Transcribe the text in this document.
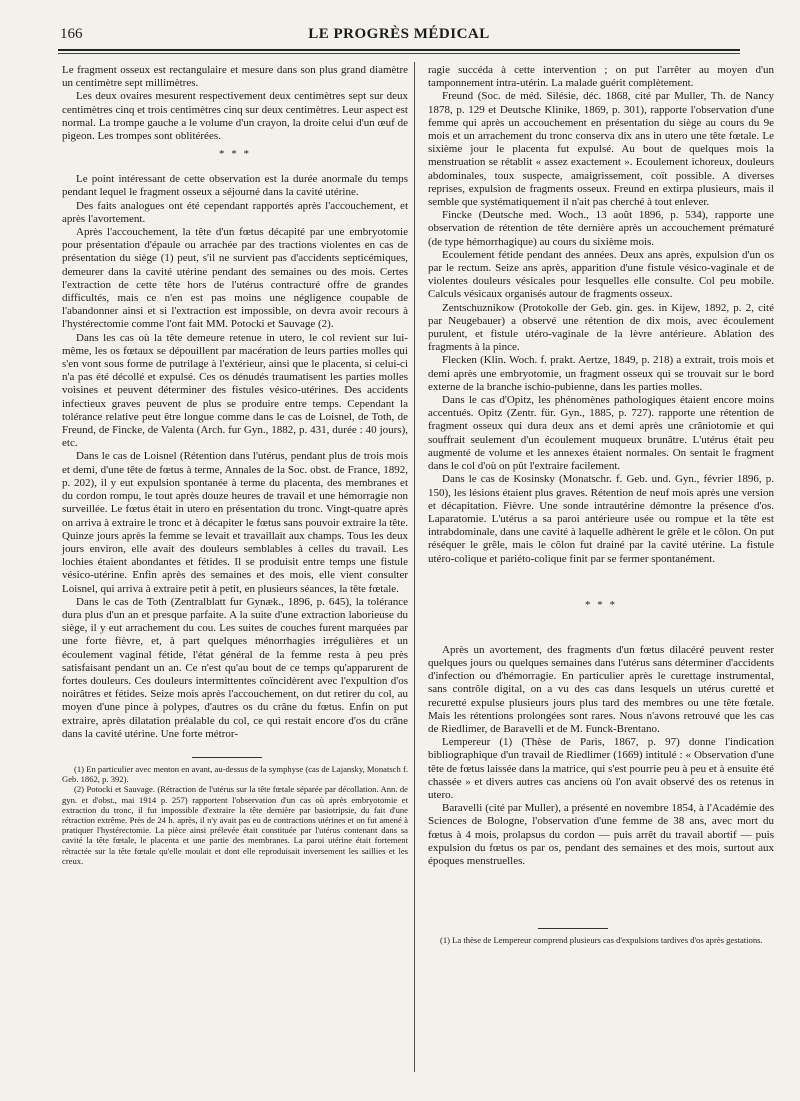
166	LE PROGRÈS MÉDICAL

Le fragment osseux est rectangulaire et mesure dans son plus grand diamètre un centimètre sept millimètres.

Les deux ovaires mesurent respectivement deux centimètres sept sur deux centimètres cinq et trois centimètres cinq sur deux centimètres. Leur aspect est normal. La trompe gauche a le volume d'un crayon, la droite celui d'un œuf de pigeon. Les trompes sont oblitérées.

* * *

Le point intéressant de cette observation est la durée anormale du temps pendant lequel le fragment osseux a séjourné dans la cavité utérine.

Des faits analogues ont été cependant rapportés après l'accouchement, et après l'avortement.

Après l'accouchement, la tête d'un fœtus décapité par une embryotomie pour présentation d'épaule ou arrachée par des tractions violentes en cas de présentation du siège (1) peut, s'il ne survient pas d'accidents septicémiques, demeurer dans la cavité utérine pendant des semaines ou des mois. Certes l'extraction de cette tête hors de l'utérus contracturé offre de grandes difficultés, mais ce n'en est pas moins une négligence coupable de l'abandonner ainsi et si l'extraction est impossible, on devra avoir recours à l'hystérectomie comme l'ont fait MM. Potocki et Sauvage (2).

Dans les cas où la tête demeure retenue in utero, le col revient sur lui-même, les os fœtaux se dépouillent par macération de leurs parties molles qui s'en vont sous forme de putrilage à l'extérieur, ainsi que le placenta, si celui-ci n'a pas été décollé et expulsé. Ces os dénudés traumatisent les parties molles voisines et peuvent déterminer des fistules vésico-utérines. Des accidents infectieux graves peuvent de plus se produire entre temps. Cependant la tolérance relative peut être longue comme dans le cas de Loisnel, de Toth, de Freund, de Fincke, de Valenta (Arch. fur Gyn., 1882, p. 431, durée : 40 jours), etc.

Dans le cas de Loisnel (Rétention dans l'utérus, pendant plus de trois mois et demi, d'une tête de fœtus à terme, Annales de la Soc. obst. de France, 1892, p. 202), il y eut expulsion spontanée à terme du placenta, des membranes et du cordon rompu, le tout après douze heures de travail et une hémorragie non surveillée. Le fœtus était in utero en présentation du tronc. Vingt-quatre après on arriva à extraire le tronc et à décapiter le fœtus sans pouvoir extraire la tête. Quinze jours après la femme se levait et travaillait aux champs. Tous les deux jours environ, elle avait des douleurs semblables à celles du travail. Les lochies étaient abondantes et fétides. Il se produisit entre temps une fistule vésico-utérine. Enfin après des semaines et des mois, elle vient consulter Loisnel, qui arriva à extraire petit à petit, en plusieurs séances, la tête fœtale.

Dans le cas de Toth (Zentralblatt fur Gynæk., 1896, p. 645), la tolérance dura plus d'un an et presque parfaite. A la suite d'une extraction laborieuse du siège, il y eut arrachement du cou. Les suites de couches furent marquées par une forte fièvre, et, à part quelques ménorrhagies irrégulières et un écoulement vaginal fétide, l'état général de la femme resta à peu près satisfaisant pendant un an. Ce n'est qu'au bout de ce temps qu'apparurent de fortes douleurs. Ces douleurs intermittentes coïncidèrent avec l'expultion d'os noirâtres et fétides. Seize mois après l'accouchement, on dut retirer du col, au moyen d'une pince à polypes, d'autres os du crâne du fœtus. Enfin on put extraire, après dilatation préalable du col, ce qui restait encore d'os du crâne dans la cavité utérine. Une forte métror-

(1) En particulier avec menton en avant, au-dessus de la symphyse (cas de Lajansky, Monatsch f. Geb. 1862, p. 392).

(2) Potocki et Sauvage. (Rétraction de l'utérus sur la tête fœtale séparée par décollation. Ann. de gyn. et d'obst., mai 1914 p. 257) rapportent l'observation d'un cas où après embryotomie et extraction du tronc, il fut impossible d'extraire la tête dernière par basiotripsie, du fait d'une rétraction extrême. Près de 24 h. après, il n'y avait pas eu de contractions utérines et on fut amené à pratiquer l'hystérectomie. La pièce ainsi prélevée était constituée par l'utérus contenant dans sa cavité la tête fœtale, le placenta et une partie des membranes. La paroi utérine était fortement rétractée sur la tête fœtale qu'elle moulait et dont elle reproduisait inversement les saillies et les creux.

ragie succéda à cette intervention ; on put l'arrêter au moyen d'un tamponnement intra-utérin. La malade guérit complètement.

Freund (Soc. de méd. Silésie, déc. 1868, cité par Muller, Th. de Nancy 1878, p. 129 et Deutsche Klinike, 1869, p. 301), rapporte l'observation d'une femme qui après un accouchement en présentation du siège au cours du 9e mois et un arrachement du tronc conserva dix ans in utero une tête fœtale. Le sixième jour le placenta fut expulsé. Au bout de quelques mois la menstruation se rétablit « assez exactement ». Ecoulement ichoreux, douleurs abdominales, toux suspecte, amaigrissement, coït possible. A diverses reprises, expulsion de fragments osseux. Freund en extirpa plusieurs, mais il semble que systématiquement il n'ait pas cherché à tout enlever.

Fincke (Deutsche med. Woch., 13 août 1896, p. 534), rapporte une observation de rétention de tête dernière après un accouchement prématuré (de type hémorrhagique) au cours du sixième mois.

Ecoulement fétide pendant des années. Deux ans après, expulsion d'un os par le rectum. Seize ans après, apparition d'une fistule vésico-vaginale et de violentes douleurs vésicales pour lesquelles elle consulte. Col peu mobile. Calculs vésicaux organisés autour de fragments osseux.

Zentschuznikow (Protokolle der Geb. gin. ges. in Kijew, 1892, p. 2, cité par Neugebauer) a observé une rétention de dix mois, avec écoulement purulent, et fistule utéro-vaginale de la lèvre antérieure. Ablation des fragments à la pince.

Flecken (Klin. Woch. f. prakt. Aertze, 1849, p. 218) a extrait, trois mois et demi après une embryotomie, un fragment osseux qui se trouvait sur le bord externe de la branche ischio-pubienne, dans les parties molles.

Dans le cas d'Opitz, les phénomènes pathologiques étaient encore moins accentués. Opitz (Zentr. für. Gyn., 1885, p. 727). rapporte une rétention de fragment osseux qui dura deux ans et demi après une crâniotomie et qui souffrait seulement d'un écoulement muqueux brunâtre. L'utérus était peu augmenté de volume et les annexes étaient normales. On sentait le fragment dans le col d'où on pût l'extraire facilement.

Dans le cas de Kosinsky (Monatschr. f. Geb. und. Gyn., février 1896, p. 150), les lésions étaient plus graves. Rétention de neuf mois après une version et décapitation. Fièvre. Une sonde intrautérine démontre la présence d'os. Laparatomie. L'utérus a sa paroi antérieure usée ou rompue et la tête est intrabdominale, dans une cavité à laquelle adhèrent le grêle et le côlon. On put réséquer le grêle, mais le côlon fut drainé par la cavité utérine. La fistule utéro-colique et pariéto-colique finit par se fermer spontanément.

* * *

Après un avortement, des fragments d'un fœtus dilacéré peuvent rester quelques jours ou quelques semaines dans l'utérus sans déterminer d'accidents d'infection ou d'hémorragie. En particulier après le curettage instrumental, sans contrôle digital, on a vu des cas dans lesquels un utérus curetté et recuretté expulse plusieurs jours plus tard des membres ou une tête fœtale. Mais les rétentions prolongées sont rares. Nous n'avons retrouvé que les cas de Riedlimer, de Baravelli et de M. Funck-Brentano.

Lempereur (1) (Thèse de Paris, 1867, p. 97) donne l'indication bibliographique d'un travail de Riedlimer (1669) intitulé : « Observation d'une tête de fœtus laissée dans la matrice, qui s'est pourrie peu à peu et à ensuite été chassée » et divers autres cas anciens où l'on avait observé des os retenus in utero.

Baravelli (cité par Muller), a présenté en novembre 1854, à l'Académie des Sciences de Bologne, l'observation d'une femme de 38 ans, avec mort du fœtus à 4 mois, prolapsus du cordon — puis arrêt du travail abortif — puis expulsion du fœtus os par os, pendant des semaines et des mois, surtout aux époques menstruelles.

(1) La thèse de Lempereur comprend plusieurs cas d'expulsions tardives d'os après gestations.
